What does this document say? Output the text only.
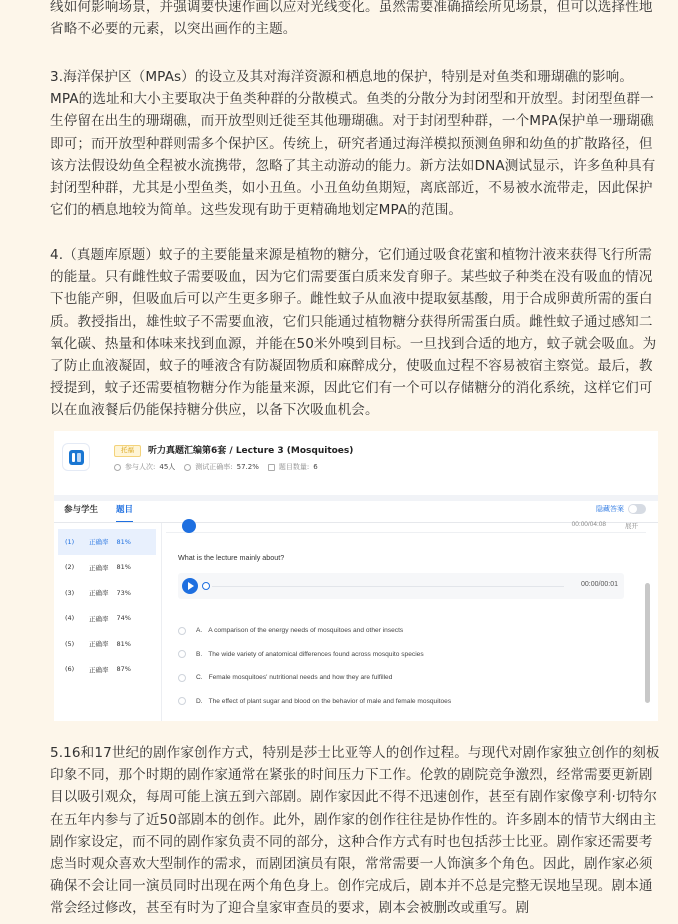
线如何影响场景，并强调要快速作画以应对光线变化。虽然需要准确描绘所见场景，但可以选择性地省略不必要的元素，以突出画作的主题。
3.海洋保护区（MPAs）的设立及其对海洋资源和栖息地的保护，特别是对鱼类和珊瑚礁的影响。MPA的选址和大小主要取决于鱼类种群的分散模式。鱼类的分散分为封闭型和开放型。封闭型鱼群一生停留在出生的珊瑚礁，而开放型则迁徙至其他珊瑚礁。对于封闭型种群，一个MPA保护单一珊瑚礁即可；而开放型种群则需多个保护区。传统上，研究者通过海洋模拟预测鱼卵和幼鱼的扩散路径，但该方法假设幼鱼全程被水流携带，忽略了其主动游动的能力。新方法如DNA测试显示，许多鱼种具有封闭型种群，尤其是小型鱼类，如小丑鱼。小丑鱼幼鱼期短，离底部近，不易被水流带走，因此保护它们的栖息地较为简单。这些发现有助于更精确地划定MPA的范围。
4.（真题库原题）蚊子的主要能量来源是植物的糖分，它们通过吸食花蜜和植物汁液来获得飞行所需的能量。只有雌性蚊子需要吸血，因为它们需要蛋白质来发育卵子。某些蚊子种类在没有吸血的情况下也能产卵，但吸血后可以产生更多卵子。雌性蚊子从血液中提取氨基酸，用于合成卵黄所需的蛋白质。教授指出，雄性蚊子不需要血液，它们只能通过植物糖分获得所需蛋白质。雌性蚊子通过感知二氧化碳、热量和体味来找到血源，并能在50米外嗅到目标。一旦找到合适的地方，蚊子就会吸血。为了防止血液凝固，蚊子的唾液含有防凝固物质和麻醉成分，使吸血过程不容易被宿主察觉。最后，教授提到，蚊子还需要植物糖分作为能量来源，因此它们有一个可以存储糖分的消化系统，这样它们可以在血液餐后仍能保持糖分供应，以备下次吸血机会。
托福	听力真题汇编第6套 / Lecture 3 (Mosquitoes)
参与人次: 45人	测试正确率: 57.2%	题目数量: 6
参与学生 题目	隐藏答案
(1)	正确率 81%
(2)	正确率 81%
(3)	正确率 73%
(4)	正确率 74%
(5)	正确率 81%
(6)	正确率 87%
00:00/04:08	展开
What is the lecture mainly about?
00:00/00:01
A. A comparison of the energy needs of mosquitoes and other insects
B. The wide variety of anatomical differences found across mosquito species
C. Female mosquitoes' nutritional needs and how they are fulfilled
D. The effect of plant sugar and blood on the behavior of male and female mosquitoes
5.16和17世纪的剧作家创作方式，特别是莎士比亚等人的创作过程。与现代对剧作家独立创作的刻板印象不同，那个时期的剧作家通常在紧张的时间压力下工作。伦敦的剧院竞争激烈，经常需要更新剧目以吸引观众，每周可能上演五到六部剧。剧作家因此不得不迅速创作，甚至有剧作家像亨利·切特尔在五年内参与了近50部剧本的创作。此外，剧作家的创作往往是协作性的。许多剧本的情节大纲由主剧作家设定，而不同的剧作家负责不同的部分，这种合作方式有时也包括莎士比亚。剧作家还需要考虑当时观众喜欢大型制作的需求，而剧团演员有限，常常需要一人饰演多个角色。因此，剧作家必须确保不会让同一演员同时出现在两个角色身上。创作完成后，剧本并不总是完整无误地呈现。剧本通常会经过修改，甚至有时为了迎合皇家审查员的要求，剧本会被删改或重写。剧
